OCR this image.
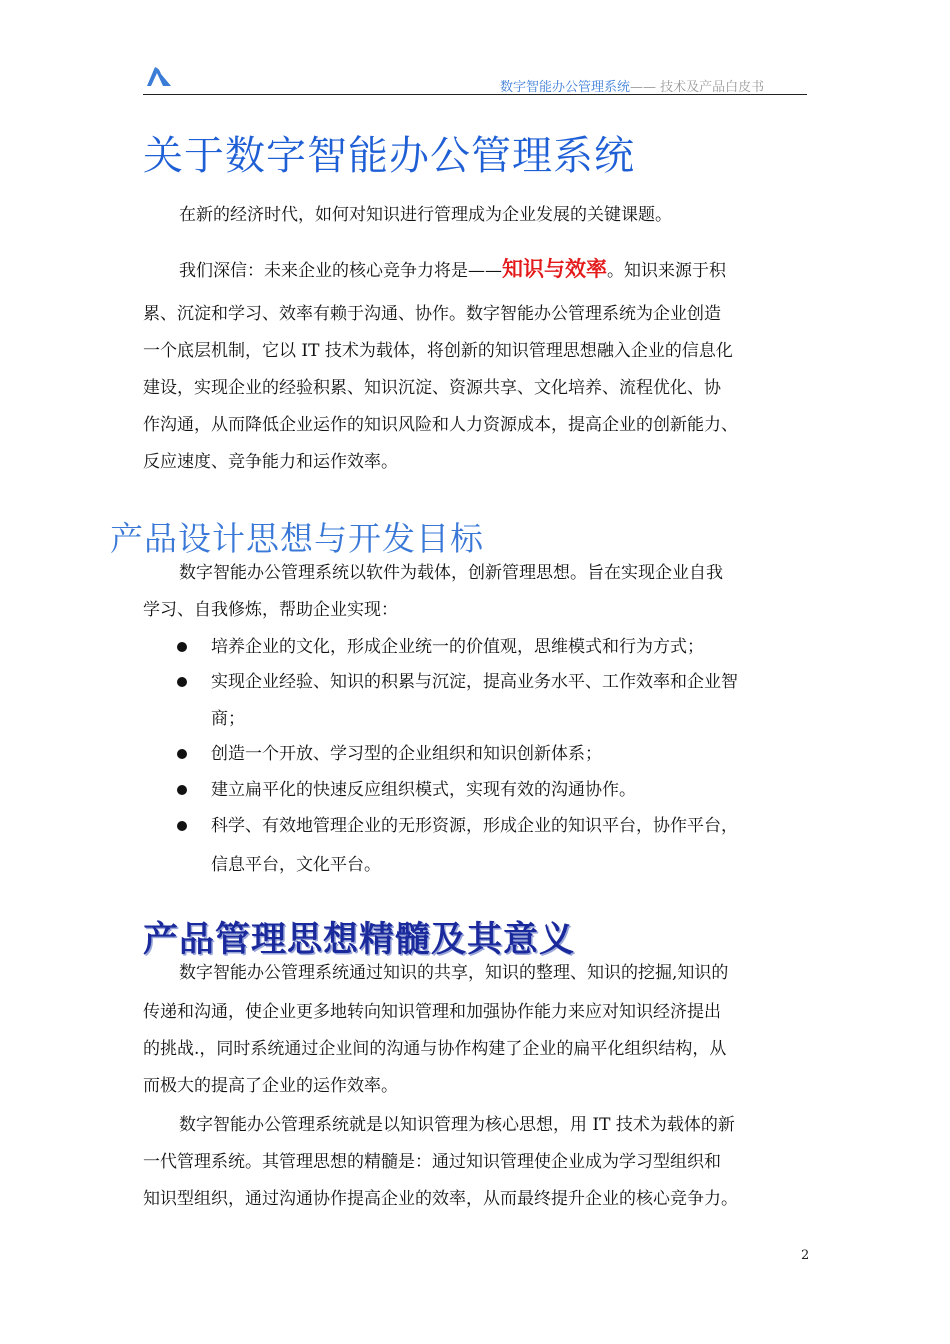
数字智能办公管理系统—— 技术及产品白皮书
关于数字智能办公管理系统
在新的经济时代，如何对知识进行管理成为企业发展的关键课题。
我们深信：未来企业的核心竞争力将是——知识与效率。知识来源于积
累、沉淀和学习、效率有赖于沟通、协作。数字智能办公管理系统为企业创造
一个底层机制，它以 IT 技术为载体，将创新的知识管理思想融入企业的信息化
建设，实现企业的经验积累、知识沉淀、资源共享、文化培养、流程优化、协
作沟通，从而降低企业运作的知识风险和人力资源成本，提高企业的创新能力、
反应速度、竞争能力和运作效率。
产品设计思想与开发目标
数字智能办公管理系统以软件为载体，创新管理思想。旨在实现企业自我
学习、自我修炼，帮助企业实现：
培养企业的文化，形成企业统一的价值观，思维模式和行为方式；
实现企业经验、知识的积累与沉淀，提高业务水平、工作效率和企业智
商；
创造一个开放、学习型的企业组织和知识创新体系；
建立扁平化的快速反应组织模式，实现有效的沟通协作。
科学、有效地管理企业的无形资源，形成企业的知识平台，协作平台，
信息平台，文化平台。
产品管理思想精髓及其意义
数字智能办公管理系统通过知识的共享，知识的整理、知识的挖掘,知识的
传递和沟通，使企业更多地转向知识管理和加强协作能力来应对知识经济提出
的挑战.，同时系统通过企业间的沟通与协作构建了企业的扁平化组织结构，从
而极大的提高了企业的运作效率。
数字智能办公管理系统就是以知识管理为核心思想，用 IT 技术为载体的新
一代管理系统。其管理思想的精髓是：通过知识管理使企业成为学习型组织和
知识型组织，通过沟通协作提高企业的效率，从而最终提升企业的核心竞争力。
2
